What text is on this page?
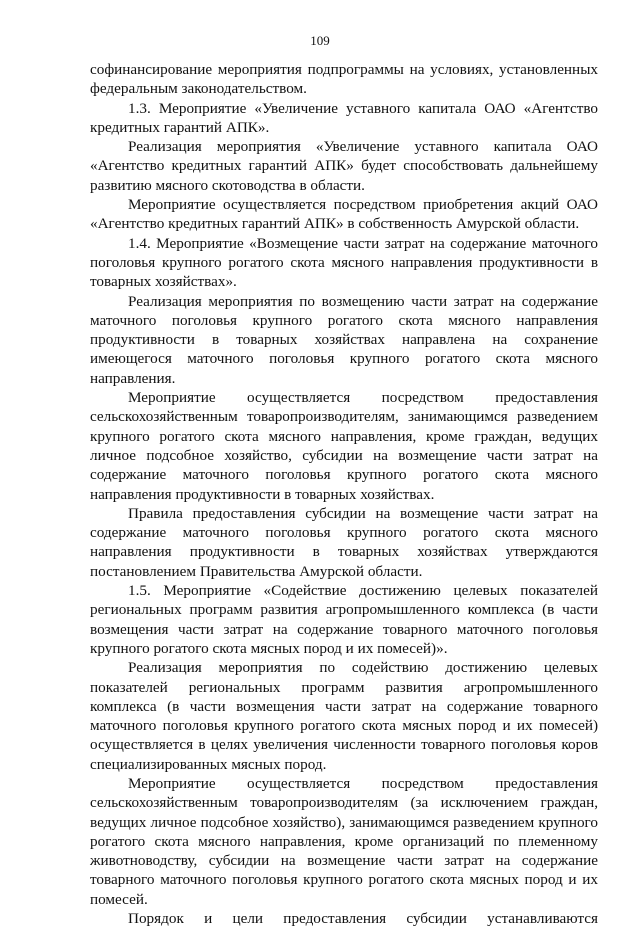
109

софинансирование мероприятия подпрограммы на условиях, установленных федеральным законодательством.

1.3. Мероприятие «Увеличение уставного капитала ОАО «Агентство кредитных гарантий АПК».

Реализация мероприятия «Увеличение уставного капитала ОАО «Агентство кредитных гарантий АПК» будет способствовать дальнейшему развитию мясного скотоводства в области.

Мероприятие осуществляется посредством приобретения акций ОАО «Агентство кредитных гарантий АПК» в собственность Амурской области.

1.4. Мероприятие «Возмещение части затрат на содержание маточного поголовья крупного рогатого скота мясного направления продуктивности в товарных хозяйствах».

Реализация мероприятия по возмещению части затрат на содержание маточного поголовья крупного рогатого скота мясного направления продуктивности в товарных хозяйствах направлена на сохранение имеющегося маточного поголовья крупного рогатого скота мясного направления.

Мероприятие осуществляется посредством предоставления сельскохозяйственным товаропроизводителям, занимающимся разведением крупного рогатого скота мясного направления, кроме граждан, ведущих личное подсобное хозяйство, субсидии на возмещение части затрат на содержание маточного поголовья крупного рогатого скота мясного направления продуктивности в товарных хозяйствах.

Правила предоставления субсидии на возмещение части затрат на содержание маточного поголовья крупного рогатого скота мясного направления продуктивности в товарных хозяйствах утверждаются постановлением Правительства Амурской области.

1.5. Мероприятие «Содействие достижению целевых показателей региональных программ развития агропромышленного комплекса (в части возмещения части затрат на содержание товарного маточного поголовья крупного рогатого скота мясных пород и их помесей)».

Реализация мероприятия по содействию достижению целевых показателей региональных программ развития агропромышленного комплекса (в части возмещения части затрат на содержание товарного маточного поголовья крупного рогатого скота мясных пород и их помесей) осуществляется в целях увеличения численности товарного поголовья коров специализированных мясных пород.

Мероприятие осуществляется посредством предоставления сельскохозяйственным товаропроизводителям (за исключением граждан, ведущих личное подсобное хозяйство), занимающимся разведением крупного рогатого скота мясного направления, кроме организаций по племенному животноводству, субсидии на возмещение части затрат на содержание товарного маточного поголовья крупного рогатого скота мясных пород и их помесей.

Порядок и цели предоставления субсидии устанавливаются
